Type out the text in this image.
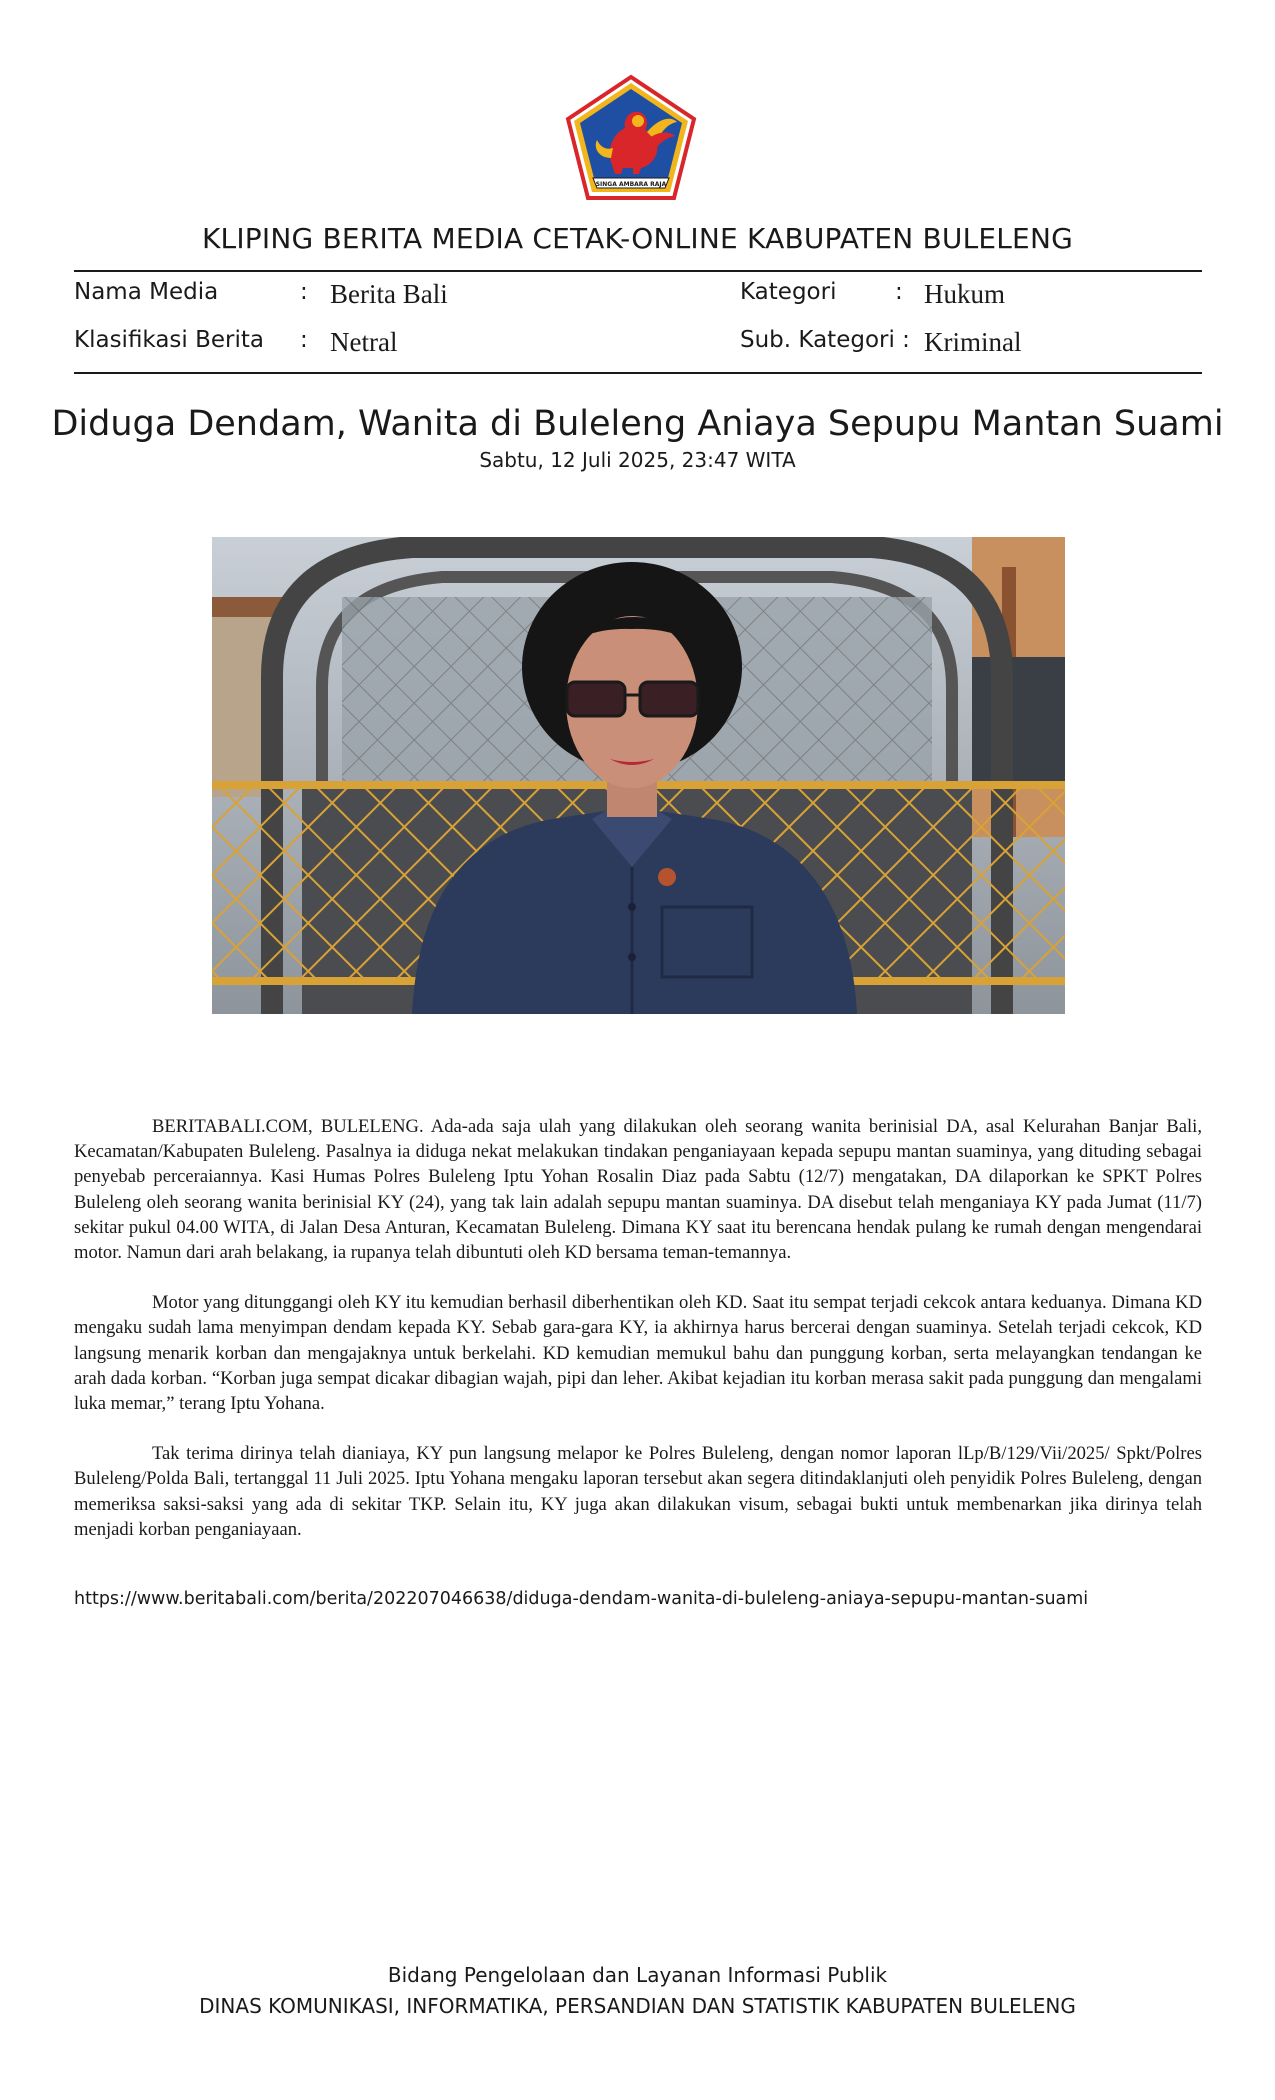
SINGA AMBARA RAJA
KLIPING BERITA MEDIA CETAK-ONLINE KABUPATEN BULELENG
Nama Media	: Berita Bali
Klasifikasi Berita : Netral
Kategori	: Hukum
Sub. Kategori : Kriminal
Diduga Dendam, Wanita di Buleleng Aniaya Sepupu Mantan Suami
Sabtu, 12 Juli 2025, 23:47 WITA

BERITABALI.COM, BULELENG. Ada-ada saja ulah yang dilakukan oleh seorang wanita berinisial DA, asal Kelurahan Banjar Bali, Kecamatan/Kabupaten Buleleng. Pasalnya ia diduga nekat melakukan tindakan penganiayaan kepada sepupu mantan suaminya, yang dituding sebagai penyebab perceraiannya. Kasi Humas Polres Buleleng Iptu Yohan Rosalin Diaz pada Sabtu (12/7) mengatakan, DA dilaporkan ke SPKT Polres Buleleng oleh seorang wanita berinisial KY (24), yang tak lain adalah sepupu mantan suaminya. DA disebut telah menganiaya KY pada Jumat (11/7) sekitar pukul 04.00 WITA, di Jalan Desa Anturan, Kecamatan Buleleng. Dimana KY saat itu berencana hendak pulang ke rumah dengan mengendarai motor. Namun dari arah belakang, ia rupanya telah dibuntuti oleh KD bersama teman-temannya.

Motor yang ditunggangi oleh KY itu kemudian berhasil diberhentikan oleh KD. Saat itu sempat terjadi cekcok antara keduanya. Dimana KD mengaku sudah lama menyimpan dendam kepada KY. Sebab gara-gara KY, ia akhirnya harus bercerai dengan suaminya. Setelah terjadi cekcok, KD langsung menarik korban dan mengajaknya untuk berkelahi. KD kemudian memukul bahu dan punggung korban, serta melayangkan tendangan ke arah dada korban. “Korban juga sempat dicakar dibagian wajah, pipi dan leher. Akibat kejadian itu korban merasa sakit pada punggung dan mengalami luka memar,” terang Iptu Yohana.

Tak terima dirinya telah dianiaya, KY pun langsung melapor ke Polres Buleleng, dengan nomor laporan lLp/B/129/Vii/2025/ Spkt/Polres Buleleng/Polda Bali, tertanggal 11 Juli 2025. Iptu Yohana mengaku laporan tersebut akan segera ditindaklanjuti oleh penyidik Polres Buleleng, dengan memeriksa saksi-saksi yang ada di sekitar TKP. Selain itu, KY juga akan dilakukan visum, sebagai bukti untuk membenarkan jika dirinya telah menjadi korban penganiayaan.

https://www.beritabali.com/berita/202207046638/diduga-dendam-wanita-di-buleleng-aniaya-sepupu-mantan-suami
Bidang Pengelolaan dan Layanan Informasi Publik
DINAS KOMUNIKASI, INFORMATIKA, PERSANDIAN DAN STATISTIK KABUPATEN BULELENG
